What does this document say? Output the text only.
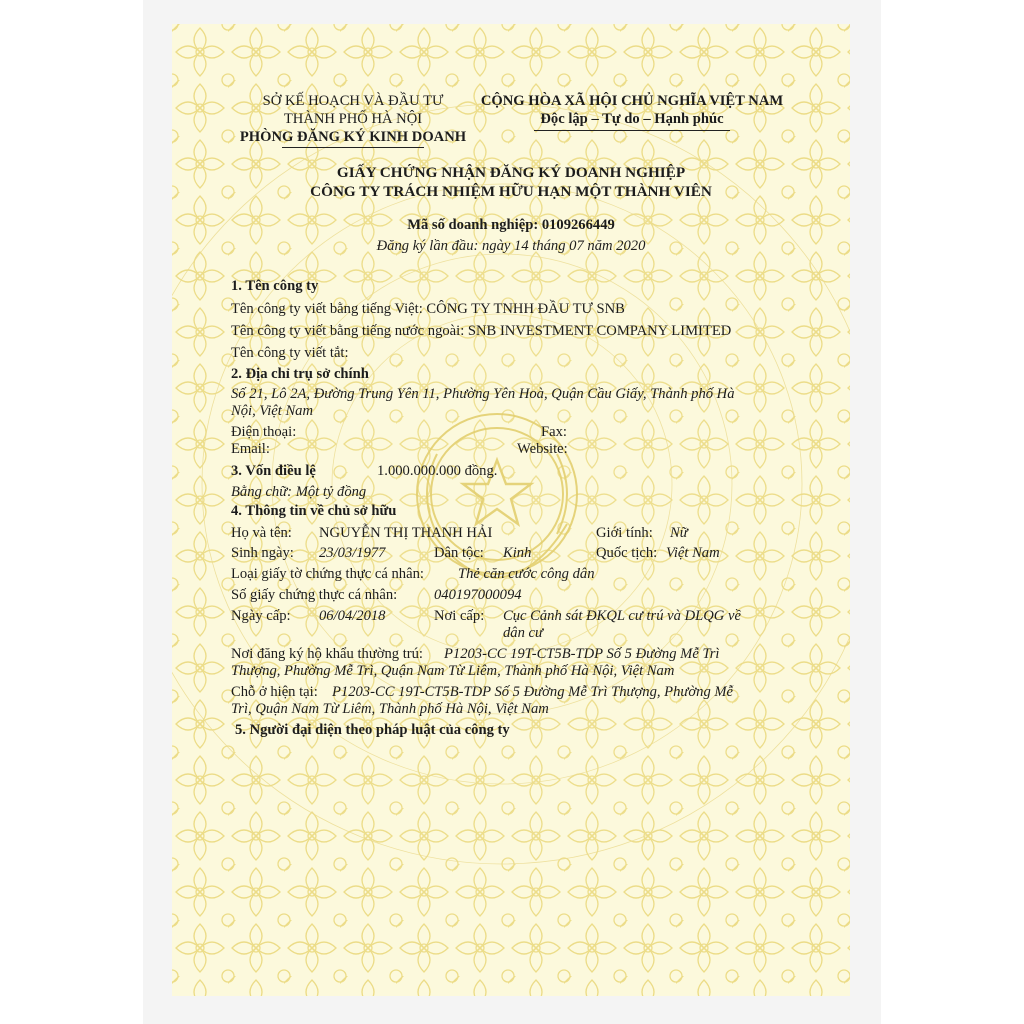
SỞ KẾ HOẠCH VÀ ĐẦU TƯ
THÀNH PHỐ HÀ NỘI
PHÒNG ĐĂNG KÝ KINH DOANH
CỘNG HÒA XÃ HỘI CHỦ NGHĨA VIỆT NAM
Độc lập – Tự do – Hạnh phúc
GIẤY CHỨNG NHẬN ĐĂNG KÝ DOANH NGHIỆP
CÔNG TY TRÁCH NHIỆM HỮU HẠN MỘT THÀNH VIÊN
Mã số doanh nghiệp: 0109266449
Đăng ký lần đầu: ngày 14 tháng 07 năm 2020
1. Tên công ty
Tên công ty viết bằng tiếng Việt: CÔNG TY TNHH ĐẦU TƯ SNB
Tên công ty viết bằng tiếng nước ngoài: SNB INVESTMENT COMPANY LIMITED
Tên công ty viết tắt:
2. Địa chỉ trụ sở chính
Số 21, Lô 2A, Đường Trung Yên 11, Phường Yên Hoà, Quận Cầu Giấy, Thành phố Hà
Nội, Việt Nam
Điện thoại:	Fax:
Email:	Website:
3. Vốn điều lệ	1.000.000.000 đồng.
Bằng chữ: Một tỷ đồng
4. Thông tin về chủ sở hữu
Họ và tên: NGUYỄN THỊ THANH HẢI	Giới tính: Nữ
Sinh ngày: 23/03/1977	Dân tộc: Kinh	Quốc tịch: Việt Nam
Loại giấy tờ chứng thực cá nhân: Thẻ căn cước công dân
Số giấy chứng thực cá nhân:	040197000094
Ngày cấp: 06/04/2018	Nơi cấp: Cục Cảnh sát ĐKQL cư trú và DLQG về
dân cư
Nơi đăng ký hộ khẩu thường trú: P1203-CC 19T-CT5B-TDP Số 5 Đường Mễ Trì
Thượng, Phường Mễ Trì, Quận Nam Từ Liêm, Thành phố Hà Nội, Việt Nam
Chỗ ở hiện tại: P1203-CC 19T-CT5B-TDP Số 5 Đường Mễ Trì Thượng, Phường Mễ
Trì, Quận Nam Từ Liêm, Thành phố Hà Nội, Việt Nam
5. Người đại diện theo pháp luật của công ty
